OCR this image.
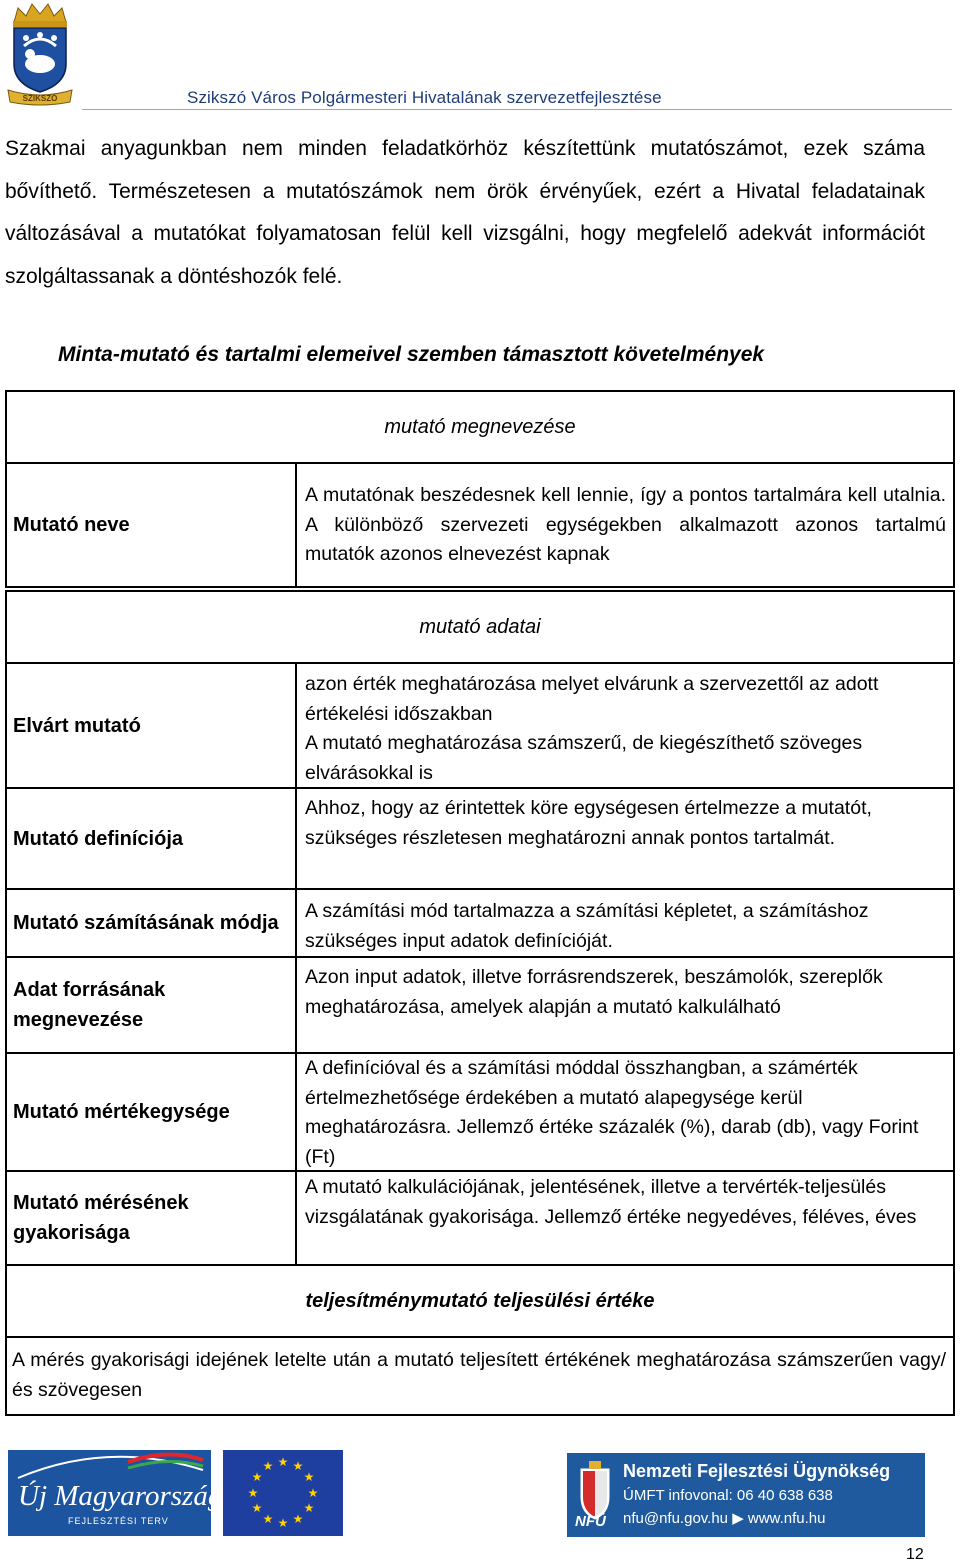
SZIKSZÓ	Szikszó Város Polgármesteri Hivatalának szervezetfejlesztése
Szakmai anyagunkban nem minden feladatkörhöz készítettünk mutatószámot, ezek száma bővíthető. Természetesen a mutatószámok nem örök érvényűek, ezért a Hivatal feladatainak változásával a mutatókat folyamatosan felül kell vizsgálni, hogy megfelelő adekvát információt szolgáltassanak a döntéshozók felé.
Minta-mutató és tartalmi elemeivel szemben támasztott követelmények
mutató megnevezése
Mutató neve
A mutatónak beszédesnek kell lennie, így a pontos tartalmára kell utalnia. A különböző szervezeti egységekben alkalmazott azonos tartalmú mutatók azonos elnevezést kapnak
mutató adatai
Elvárt mutató
azon érték meghatározása melyet elvárunk a szervezettől az adott értékelési időszakban
A mutató meghatározása számszerű, de kiegészíthető szöveges elvárásokkal is
Mutató definíciója
Ahhoz, hogy az érintettek köre egységesen értelmezze a mutatót, szükséges részletesen meghatározni annak pontos tartalmát.
Mutató számításának módja
A számítási mód tartalmazza a számítási képletet, a számításhoz szükséges input adatok definícióját.
Adat forrásának megnevezése
Azon input adatok, illetve forrásrendszerek, beszámolók, szereplők meghatározása, amelyek alapján a mutató kalkulálható
Mutató mértékegysége
A definícióval és a számítási móddal összhangban, a számérték értelmezhetősége érdekében a mutató alapegysége kerül meghatározásra. Jellemző értéke százalék (%), darab (db), vagy Forint (Ft)
Mutató mérésének gyakorisága
A mutató kalkulációjának, jelentésének, illetve a tervérték-teljesülés vizsgálatának gyakorisága. Jellemző értéke negyedéves, féléves, éves
teljesítménymutató teljesülési értéke
A mérés gyakorisági idejének letelte után a mutató teljesített értékének meghatározása számszerűen vagy/és szövegesen
Új Magyarország
FEJLESZTÉSI TERV
★ ★
★
★
★
★
★
★
★
★
★
★
NFÜ
Nemzeti Fejlesztési Ügynökség
ÚMFT infovonal: 06 40 638 638
nfu@nfu.gov.hu ▶ www.nfu.hu
12
